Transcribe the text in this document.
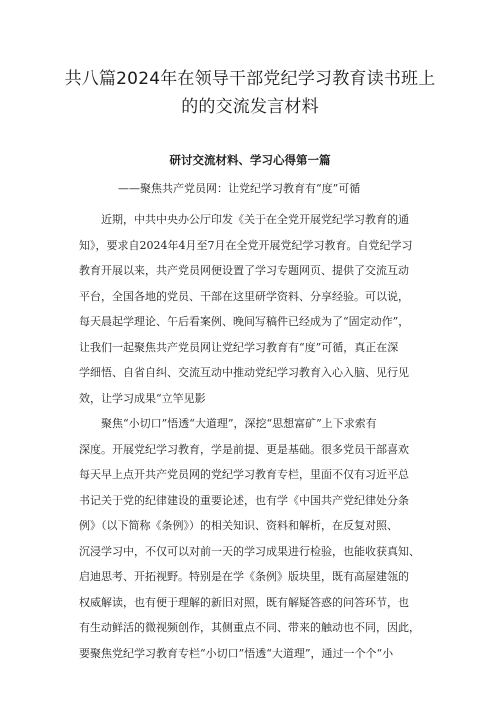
共八篇2024年在领导干部党纪学习教育读书班上
的的交流发言材料
研讨交流材料、学习心得第一篇
——聚焦共产党员网：让党纪学习教育有“度”可循
近期，中共中央办公厅印发《关于在全党开展党纪学习教育的通
知》，要求自2024年4月至7月在全党开展党纪学习教育。自党纪学习
教育开展以来，共产党员网便设置了学习专题网页、提供了交流互动
平台，全国各地的党员、干部在这里研学资料、分享经验。可以说，
每天晨起学理论、午后看案例、晚间写稿件已经成为了“固定动作”，
让我们一起聚焦共产党员网让党纪学习教育有“度”可循，真正在深
学细悟、自省自纠、交流互动中推动党纪学习教育入心入脑、见行见
效，让学习成果“立竿见影
聚焦“小切口”悟透“大道理”，深挖“思想富矿”上下求索有
深度。开展党纪学习教育，学是前提、更是基础。很多党员干部喜欢
每天早上点开共产党员网的党纪学习教育专栏，里面不仅有习近平总
书记关于党的纪律建设的重要论述，也有学《中国共产党纪律处分条
例》（以下简称《条例》）的相关知识、资料和解析，在反复对照、
沉浸学习中，不仅可以对前一天的学习成果进行检验，也能收获真知、
启迪思考、开拓视野。特别是在学《条例》版块里，既有高屋建瓴的
权威解读，也有便于理解的新旧对照，既有解疑答惑的问答环节，也
有生动鲜活的微视频创作，其侧重点不同、带来的触动也不同，因此，
要聚焦党纪学习教育专栏“小切口”悟透“大道理”，通过一个个“小
